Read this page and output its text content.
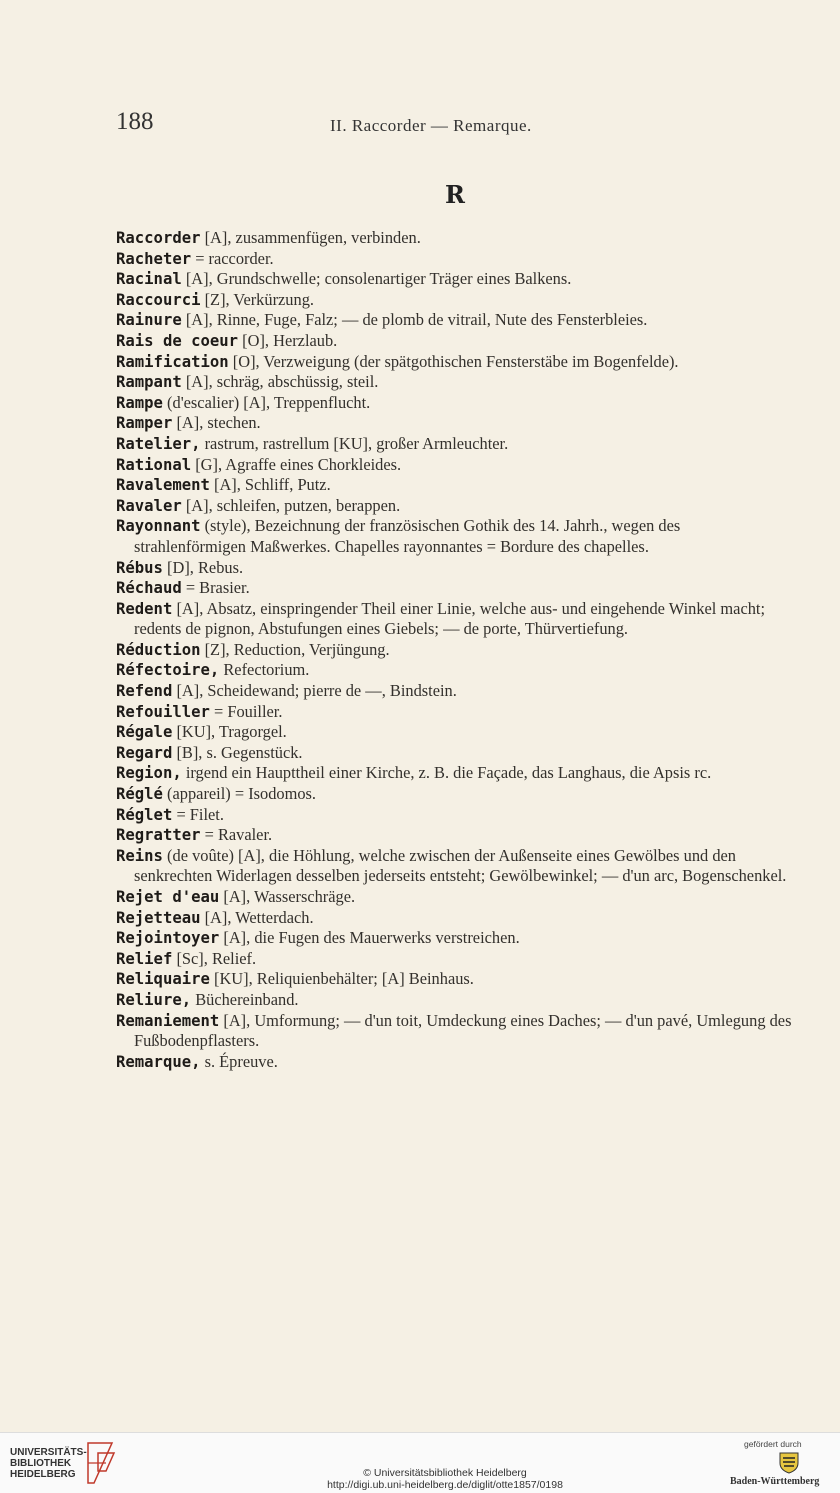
188	II. Raccorder — Remarque.
R

Raccorder [A], zusammenfügen, verbinden.

Racheter = raccorder.

Racinal [A], Grundschwelle; consolenartiger Träger eines Balkens.

Raccourci [Z], Verkürzung.

Rainure [A], Rinne, Fuge, Falz; — de plomb de vitrail, Nute des Fensterbleies.

Rais de coeur [O], Herzlaub.

Ramification [O], Verzweigung (der spätgothischen Fensterstäbe im Bogenfelde).

Rampant [A], schräg, abschüssig, steil.

Rampe (d'escalier) [A], Treppenflucht.

Ramper [A], stechen.

Ratelier, rastrum, rastrellum [KU], großer Armleuchter.

Rational [G], Agraffe eines Chorkleides.

Ravalement [A], Schliff, Putz.

Ravaler [A], schleifen, putzen, berappen.

Rayonnant (style), Bezeichnung der französischen Gothik des 14. Jahrh., wegen des strahlenförmigen Maßwerkes. Chapelles rayonnantes = Bordure des chapelles.

Rébus [D], Rebus.

Réchaud = Brasier.

Redent [A], Absatz, einspringender Theil einer Linie, welche aus- und eingehende Winkel macht; redents de pignon, Abstufungen eines Giebels; — de porte, Thürvertiefung.

Réduction [Z], Reduction, Verjüngung.

Réfectoire, Refectorium.

Refend [A], Scheidewand; pierre de —, Bindstein.

Refouiller = Fouiller.

Régale [KU], Tragorgel.

Regard [B], s. Gegenstück.

Region, irgend ein Haupttheil einer Kirche, z. B. die Façade, das Langhaus, die Apsis rc.

Réglé (appareil) = Isodomos.

Réglet = Filet.

Regratter = Ravaler.

Reins (de voûte) [A], die Höhlung, welche zwischen der Außenseite eines Gewölbes und den senkrechten Widerlagen desselben jederseits entsteht; Gewölbewinkel; — d'un arc, Bogenschenkel.

Rejet d'eau [A], Wasserschräge.

Rejetteau [A], Wetterdach.

Rejointoyer [A], die Fugen des Mauerwerks verstreichen.

Relief [Sc], Relief.

Reliquaire [KU], Reliquienbehälter; [A] Beinhaus.

Reliure, Büchereinband.

Remaniement [A], Umformung; — d'un toit, Umdeckung eines Daches; — d'un pavé, Umlegung des Fußbodenpflasters.

Remarque, s. Épreuve.

UNIVERSITÄTS-
BIBLIOTHEK
HEIDELBERG	© Universitätsbibliothek Heidelberg
http://digi.ub.uni-heidelberg.de/diglit/otte1857/0198
gefördert durch
Baden-Württemberg
